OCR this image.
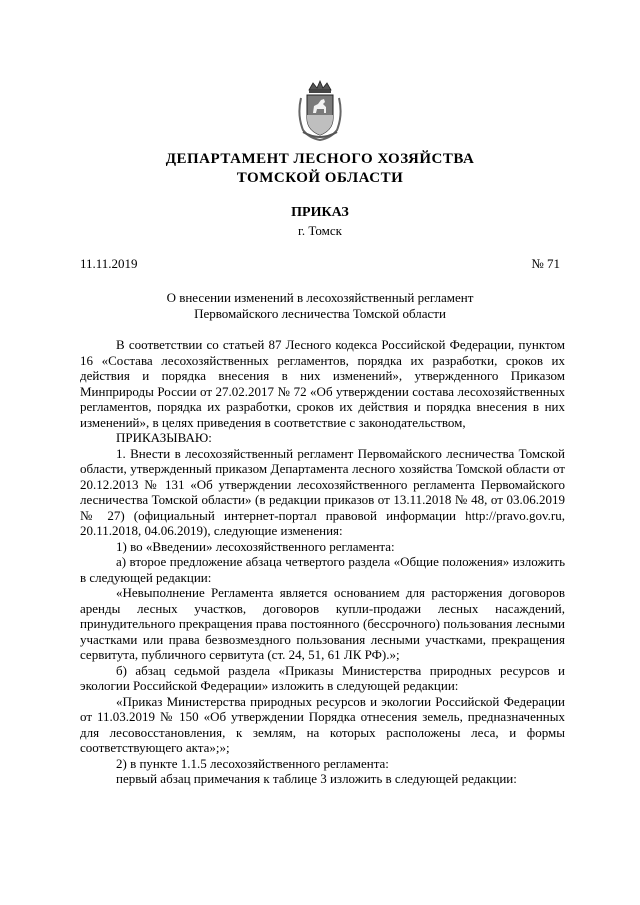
ДЕПАРТАМЕНТ ЛЕСНОГО ХОЗЯЙСТВА
ТОМСКОЙ ОБЛАСТИ
ПРИКАЗ
г. Томск
11.11.2019	№ 71
О внесении изменений в лесохозяйственный регламент
Первомайского лесничества Томской области

В соответствии со статьей 87 Лесного кодекса Российской Федерации, пунктом 16 «Состава лесохозяйственных регламентов, порядка их разработки, сроков их действия и порядка внесения в них изменений», утвержденного Приказом Минприроды России от 27.02.2017 № 72 «Об утверждении состава лесохозяйственных регламентов, порядка их разработки, сроков их действия и порядка внесения в них изменений», в целях приведения в соответствие с законодательством,

ПРИКАЗЫВАЮ:

1. Внести в лесохозяйственный регламент Первомайского лесничества Томской области, утвержденный приказом Департамента лесного хозяйства Томской области от 20.12.2013 № 131 «Об утверждении лесохозяйственного регламента Первомайского лесничества Томской области» (в редакции приказов от 13.11.2018 № 48, от 03.06.2019 № 27) (официальный интернет-портал правовой информации http://pravo.gov.ru, 20.11.2018, 04.06.2019), следующие изменения:

1) во «Введении» лесохозяйственного регламента:

а) второе предложение абзаца четвертого раздела «Общие положения» изложить в следующей редакции:

«Невыполнение Регламента является основанием для расторжения договоров аренды лесных участков, договоров купли-продажи лесных насаждений, принудительного прекращения права постоянного (бессрочного) пользования лесными участками или права безвозмездного пользования лесными участками, прекращения сервитута, публичного сервитута (ст. 24, 51, 61 ЛК РФ).»;

б) абзац седьмой раздела «Приказы Министерства природных ресурсов и экологии Российской Федерации» изложить в следующей редакции:

«Приказ Министерства природных ресурсов и экологии Российской Федерации от 11.03.2019 № 150 «Об утверждении Порядка отнесения земель, предназначенных для лесовосстановления, к землям, на которых расположены леса, и формы соответствующего акта»;»;

2) в пункте 1.1.5 лесохозяйственного регламента:

первый абзац примечания к таблице 3 изложить в следующей редакции:
